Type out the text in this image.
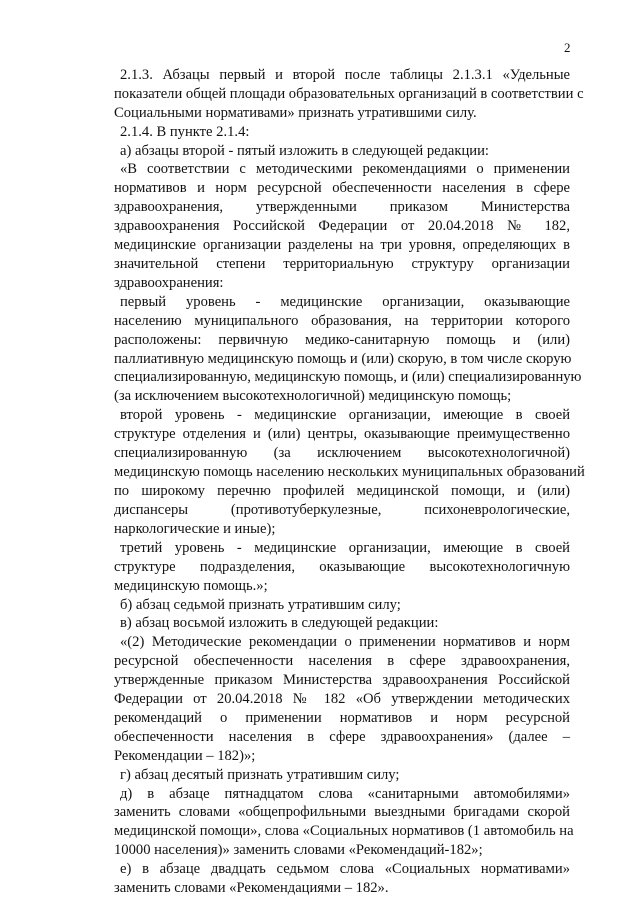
2
2.1.3. Абзацы первый и второй после таблицы 2.1.3.1 «Удельные
показатели общей площади образовательных организаций в соответствии с
Социальными нормативами» признать утратившими силу.
2.1.4. В пункте 2.1.4:
а) абзацы второй - пятый изложить в следующей редакции:
«В соответствии с методическими рекомендациями о применении
нормативов и норм ресурсной обеспеченности населения в сфере
здравоохранения, утвержденными приказом Министерства
здравоохранения Российской Федерации от 20.04.2018 № 182,
медицинские организации разделены на три уровня, определяющих в
значительной степени территориальную структуру организации
здравоохранения:
первый уровень - медицинские организации, оказывающие
населению муниципального образования, на территории которого
расположены: первичную медико-санитарную помощь и (или)
паллиативную медицинскую помощь и (или) скорую, в том числе скорую
специализированную, медицинскую помощь, и (или) специализированную
(за исключением высокотехнологичной) медицинскую помощь;
второй уровень - медицинские организации, имеющие в своей
структуре отделения и (или) центры, оказывающие преимущественно
специализированную (за исключением высокотехнологичной)
медицинскую помощь населению нескольких муниципальных образований
по широкому перечню профилей медицинской помощи, и (или)
диспансеры (противотуберкулезные, психоневрологические,
наркологические и иные);
третий уровень - медицинские организации, имеющие в своей
структуре подразделения, оказывающие высокотехнологичную
медицинскую помощь.»;
б) абзац седьмой признать утратившим силу;
в) абзац восьмой изложить в следующей редакции:
«(2) Методические рекомендации о применении нормативов и норм
ресурсной обеспеченности населения в сфере здравоохранения,
утвержденные приказом Министерства здравоохранения Российской
Федерации от 20.04.2018 № 182 «Об утверждении методических
рекомендаций о применении нормативов и норм ресурсной
обеспеченности населения в сфере здравоохранения» (далее –
Рекомендации – 182)»;
г) абзац десятый признать утратившим силу;
д) в абзаце пятнадцатом слова «санитарными автомобилями»
заменить словами «общепрофильными выездными бригадами скорой
медицинской помощи», слова «Социальных нормативов (1 автомобиль на
10000 населения)» заменить словами «Рекомендаций-182»;
е) в абзаце двадцать седьмом слова «Социальных нормативами»
заменить словами «Рекомендациями – 182».
